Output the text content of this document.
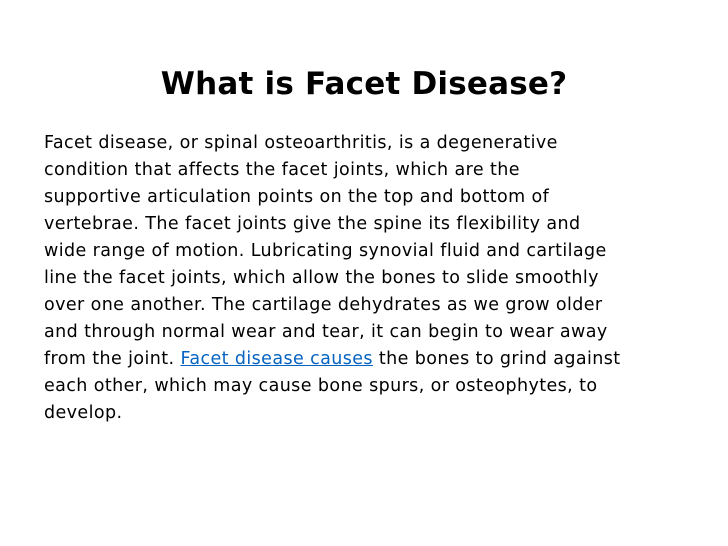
What is Facet Disease?
Facet disease, or spinal osteoarthritis, is a degenerative
condition that affects the facet joints, which are the
supportive articulation points on the top and bottom of
vertebrae. The facet joints give the spine its flexibility and
wide range of motion. Lubricating synovial fluid and cartilage
line the facet joints, which allow the bones to slide smoothly
over one another. The cartilage dehydrates as we grow older
and through normal wear and tear, it can begin to wear away
from the joint. Facet disease causes the bones to grind against
each other, which may cause bone spurs, or osteophytes, to
develop.
